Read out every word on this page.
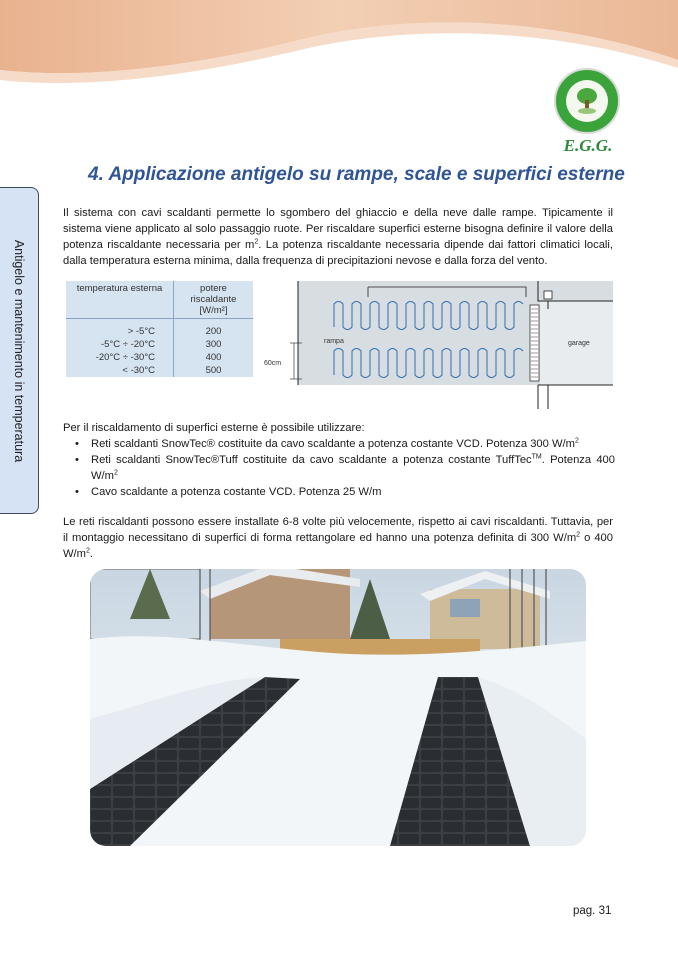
E.G.G.
Antigelo e mantenimento in temperatura
4. Applicazione antigelo su rampe, scale e superfici esterne

Il sistema con cavi scaldanti permette lo sgombero del ghiaccio e della neve dalle rampe. Tipicamente il sistema viene applicato al solo passaggio ruote. Per riscaldare superfici esterne bisogna definire il valore della potenza riscaldante necessaria per $m^2$. La potenza riscaldante necessaria dipende dai fattori climatici locali, dalla temperatura esterna minima, dalla frequenza di precipitazioni nevose e dalla forza del vento.

temperatura esterna	potere riscaldante [W/m²]

> -5°C	200
-5°C ÷ -20°C	300
-20°C ÷ -30°C	400
< -30°C	500
60cm
rampa	garage

Per il riscaldamento di superfici esterne è possibile utilizzare:

• Reti scaldanti SnowTec® costituite da cavo scaldante a potenza costante VCD. Potenza 300 $W/m^2$
• Reti scaldanti SnowTec®Tuff costituite da cavo scaldante a potenza costante TuffTec™. Potenza 400 $W/m^2$
• Cavo scaldante a potenza costante VCD. Potenza 25 W/m

Le reti riscaldanti possono essere installate 6-8 volte più velocemente, rispetto ai cavi riscaldanti. Tuttavia, per il montaggio necessitano di superfici di forma rettangolare ed hanno una potenza definita di 300 $W/m^2$ o 400 $W/m^2$.

pag. 31
